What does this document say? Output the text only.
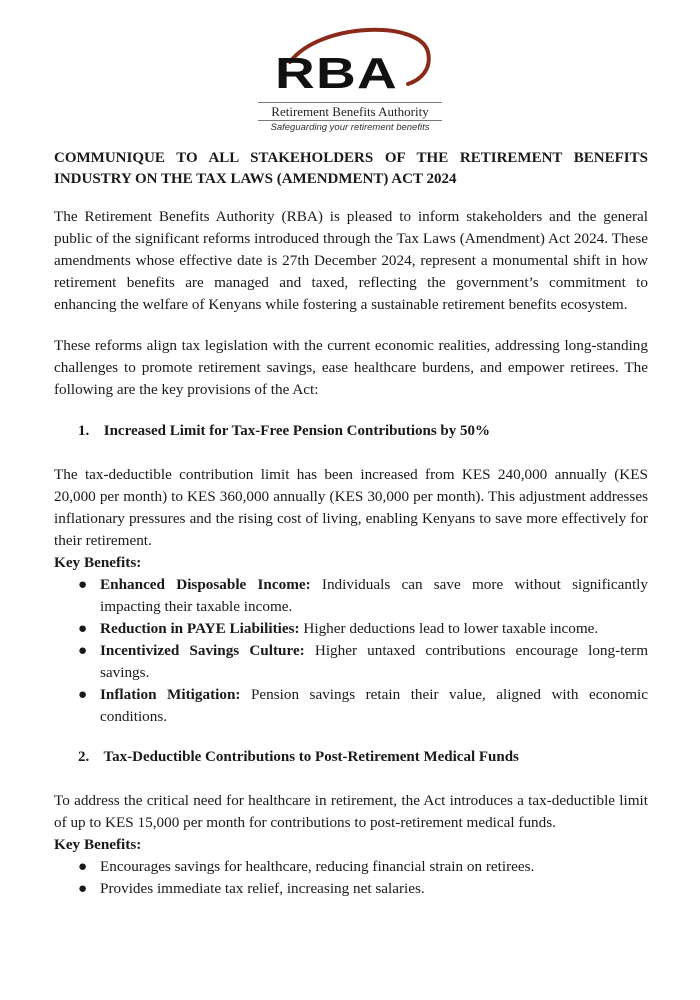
RBA
Retirement Benefits Authority
Safeguarding your retirement benefits
COMMUNIQUE TO ALL STAKEHOLDERS OF THE RETIREMENT BENEFITS INDUSTRY ON THE TAX LAWS (AMENDMENT) ACT 2024

The Retirement Benefits Authority (RBA) is pleased to inform stakeholders and the general public of the significant reforms introduced through the Tax Laws (Amendment) Act 2024. These amendments whose effective date is 27th December 2024, represent a monumental shift in how retirement benefits are managed and taxed, reflecting the government’s commitment to enhancing the welfare of Kenyans while fostering a sustainable retirement benefits ecosystem.

These reforms align tax legislation with the current economic realities, addressing long-standing challenges to promote retirement savings, ease healthcare burdens, and empower retirees. The following are the key provisions of the Act:

1. Increased Limit for Tax-Free Pension Contributions by 50%

The tax-deductible contribution limit has been increased from KES 240,000 annually (KES 20,000 per month) to KES 360,000 annually (KES 30,000 per month). This adjustment addresses inflationary pressures and the rising cost of living, enabling Kenyans to save more effectively for their retirement.

Key Benefits:
● Enhanced Disposable Income: Individuals can save more without significantly impacting their taxable income.
● Reduction in PAYE Liabilities: Higher deductions lead to lower taxable income.
● Incentivized Savings Culture: Higher untaxed contributions encourage long-term savings.
● Inflation Mitigation: Pension savings retain their value, aligned with economic conditions.
2. Tax-Deductible Contributions to Post-Retirement Medical Funds

To address the critical need for healthcare in retirement, the Act introduces a tax-deductible limit of up to KES 15,000 per month for contributions to post-retirement medical funds.

Key Benefits:
● Encourages savings for healthcare, reducing financial strain on retirees.
● Provides immediate tax relief, increasing net salaries.
